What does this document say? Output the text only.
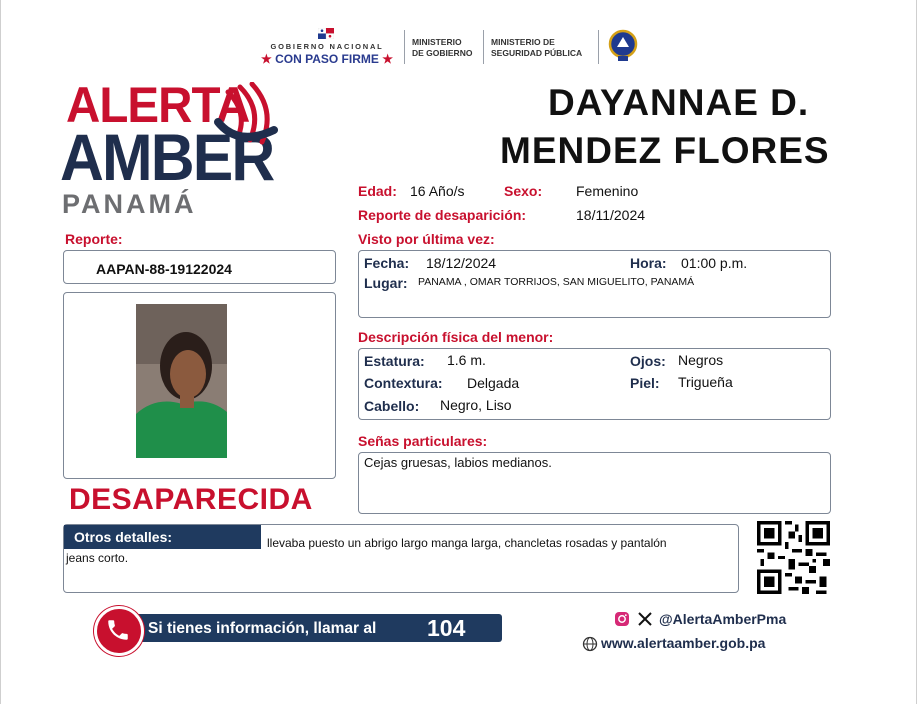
GOBIERNO NACIONAL
★ CON PASO FIRME ★
MINISTERIO
DE GOBIERNO
MINISTERIO DE
SEGURIDAD PÚBLICA
ALERTA
AMBER
PANAMÁ
DAYANNAE D.
MENDEZ FLORES
Edad: 16 Año/s	Sexo: Femenino
Reporte de desaparición:	18/11/2024
Reporte:
AAPAN-88-19122024
DESAPARECIDA
Visto por última vez:
Fecha: 18/12/2024	Hora: 01:00 p.m.
Lugar: PANAMA , OMAR TORRIJOS, SAN MIGUELITO, PANAMÁ
Descripción física del menor:
Estatura: 1.6 m.	Ojos: Negros
Contextura: Delgada	Piel: Trigueña
Cabello: Negro, Liso
Señas particulares:
Cejas gruesas, labios medianos.
Otros detalles:	llevaba puesto un abrigo largo manga larga, chancletas rosadas y pantalón
jeans corto.
Si tienes información, llamar al 104	@AlertaAmberPma
www.alertaamber.gob.pa
